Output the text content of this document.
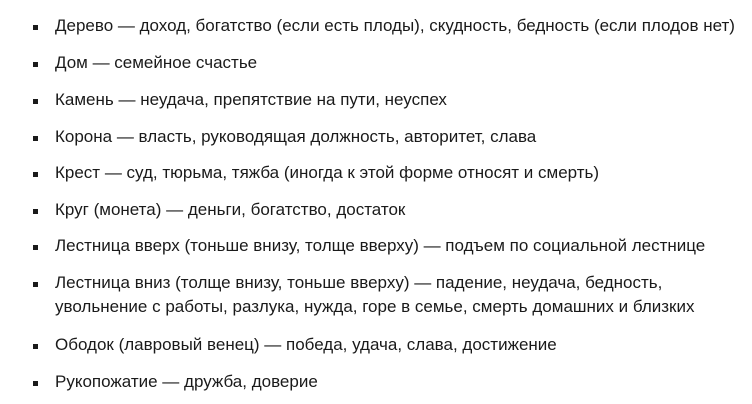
Дерево — доход, богатство (если есть плоды), скудность, бедность (если плодов нет)
Дом — семейное счастье
Камень — неудача, препятствие на пути, неуспех
Корона — власть, руководящая должность, авторитет, слава
Крест — суд, тюрьма, тяжба (иногда к этой форме относят и смерть)
Круг (монета) — деньги, богатство, достаток
Лестница вверх (тоньше внизу, толще вверху) — подъем по социальной лестнице
Лестница вниз (толще внизу, тоньше вверху) — падение, неудача, бедность,
увольнение с работы, разлука, нужда, горе в семье, смерть домашних и близких
Ободок (лавровый венец) — победа, удача, слава, достижение
Рукопожатие — дружба, доверие
